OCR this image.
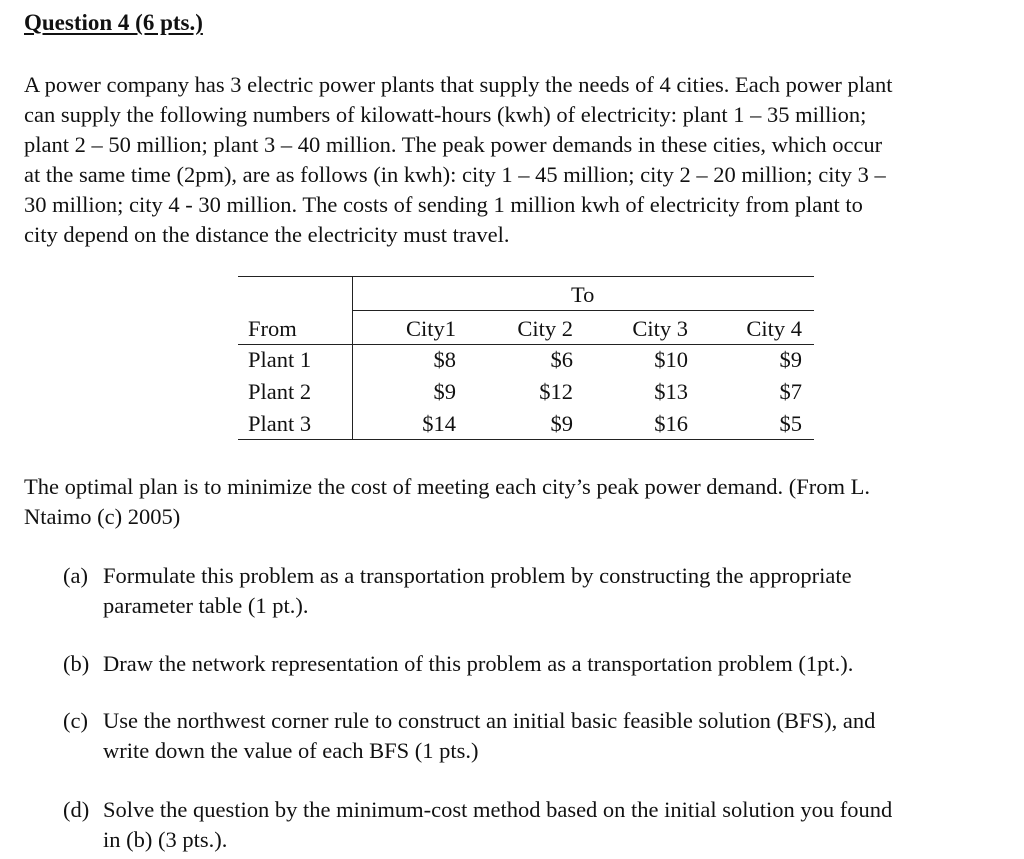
Question 4 (6 pts.)

A power company has 3 electric power plants that supply the needs of 4 cities. Each power plant
can supply the following numbers of kilowatt-hours (kwh) of electricity: plant 1 – 35 million;
plant 2 – 50 million; plant 3 – 40 million. The peak power demands in these cities, which occur
at the same time (2pm), are as follows (in kwh): city 1 – 45 million; city 2 – 20 million; city 3 –
30 million; city 4 - 30 million. The costs of sending 1 million kwh of electricity from plant to
city depend on the distance the electricity must travel.

To
From	City1	City 2	City 3	City 4
Plant 1	$8	$6	$10	$9
Plant 2	$9	$12	$13	$7
Plant 3	$14	$9	$16	$5

The optimal plan is to minimize the cost of meeting each city’s peak power demand. (From L.
Ntaimo (c) 2005)

(a) Formulate this problem as a transportation problem by constructing the appropriate
parameter table (1 pt.).
(b) Draw the network representation of this problem as a transportation problem (1pt.).
(c) Use the northwest corner rule to construct an initial basic feasible solution (BFS), and
write down the value of each BFS (1 pts.)
(d) Solve the question by the minimum-cost method based on the initial solution you found
in (b) (3 pts.).
